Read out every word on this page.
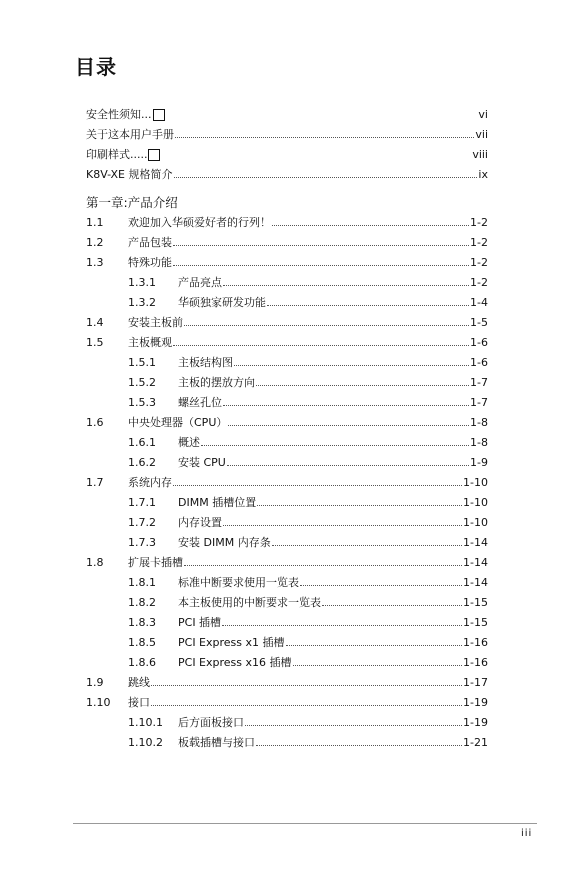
目录
安全性须知...	vi
关于这本用户手册	vii
印刷样式.....	viii
K8V-XE 规格简介	ix
1.1	欢迎加入华硕爱好者的行列！	1-2
1.2	产品包装	1-2
1.3	特殊功能	1-2
1.3.1	产品亮点	1-2
1.3.2	华硕独家研发功能	1-4
1.4	安装主板前	1-5
1.5	主板概观	1-6
1.5.1	主板结构图	1-6
1.5.2	主板的摆放方向	1-7
1.5.3	螺丝孔位	1-7
1.6	中央处理器（CPU）	1-8
1.6.1	概述	1-8
1.6.2	安装 CPU	1-9
1.7	系统内存	1-10
1.7.1	DIMM 插槽位置	1-10
1.7.2	内存设置	1-10
1.7.3	安装 DIMM 内存条	1-14
1.8	扩展卡插槽	1-14
1.8.1	标准中断要求使用一览表	1-14
1.8.2	本主板使用的中断要求一览表	1-15
1.8.3	PCI 插槽	1-15
1.8.5	PCI Express x1 插槽	1-16
1.8.6	PCI Express x16 插槽	1-16
1.9	跳线	1-17
1.10	接口	1-19
1.10.1	后方面板接口	1-19
1.10.2	板载插槽与接口	1-21
第一章:产品介绍
iii
